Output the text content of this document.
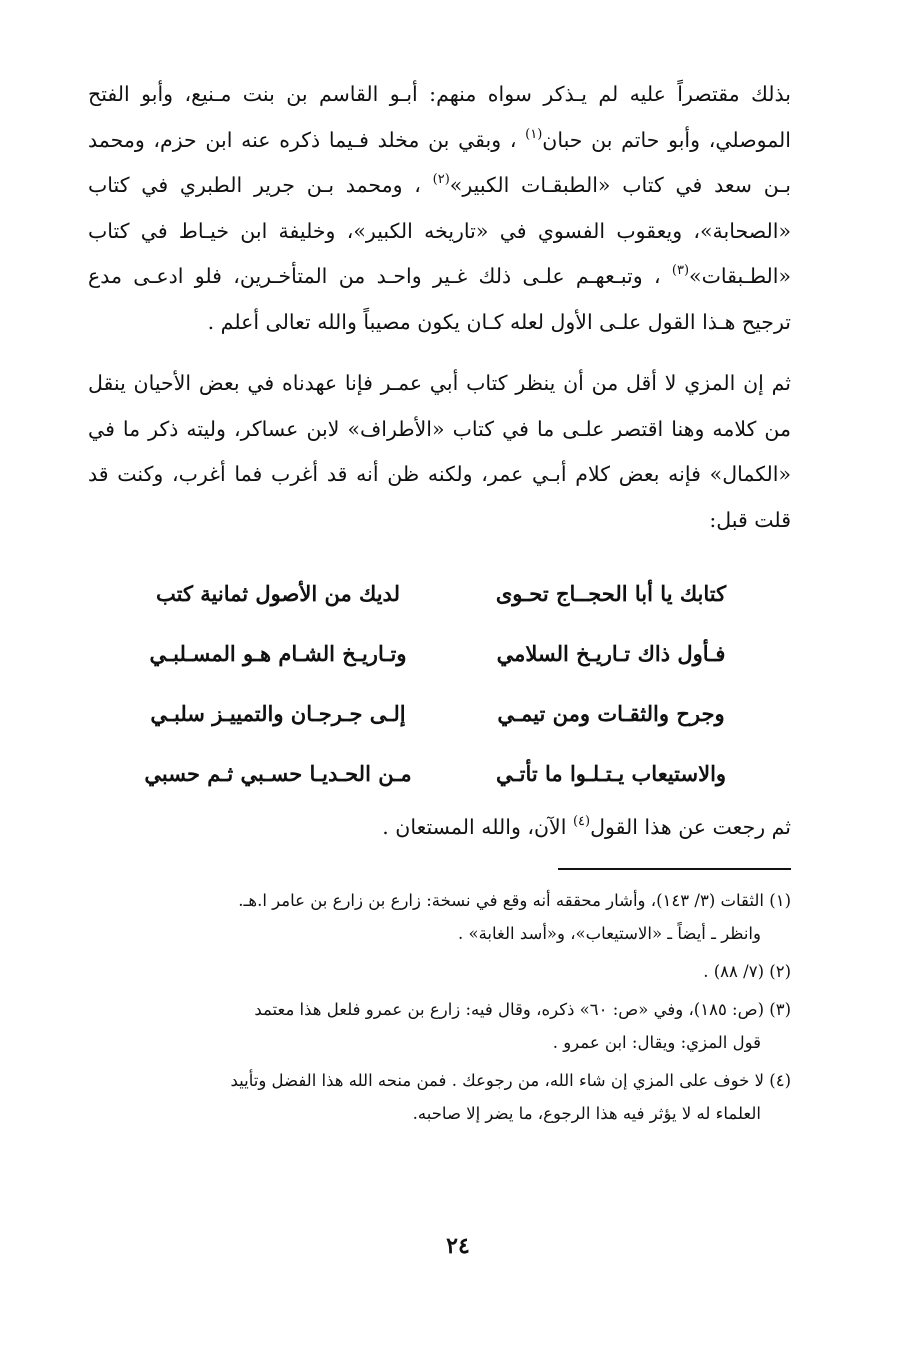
بذلك مقتصراً عليه لم يـذكر سواه منهم: أبـو القاسم بن بنت مـنيع، وأبو الفتح الموصلي، وأبو حاتم بن حبان$^{(١)}$ ، وبقي بن مخلد فـيما ذكره عنه ابن حزم، ومحمد بـن سعد في كتاب «الطبقـات الكبير»$^{(٢)}$ ، ومحمد بـن جرير الطبري في كتاب «الصحابة»، ويعقوب الفسوي في «تاريخه الكبير»، وخليفة ابن خيـاط في كتاب «الطـبقات»$^{(٣)}$ ، وتبـعهـم علـى ذلك غـير واحـد من المتأخـرين، فلو ادعـى مدع ترجيح هـذا القول علـى الأول لعله كـان يكون مصيباً والله تعالى أعلم .

ثم إن المزي لا أقل من أن ينظر كتاب أبي عمـر فإنا عهدناه في بعض الأحيان ينقل من كلامه وهنا اقتصر علـى ما في كتاب «الأطراف» لابن عساكر، وليته ذكر ما في «الكمال» فإنه بعض كلام أبـي عمر، ولكنه ظن أنه قد أغرب فما أغرب، وكنت قد قلت قبل:

كتابك يا أبا الحجــاج تحـوى
لديك من الأصول ثمانية كتب
فـأول ذاك تـاريـخ السلامي
وتـاريـخ الشـام هـو المسـلبـي
وجرح والثقـات ومن تيمـي
إلـى جـرجـان والتمييـز سلبـي
والاستيعاب يـتـلـوا ما تأتـي
مـن الحـديـا حسـبي ثـم حسبي

ثم رجعت عن هذا القول$^{(٤)}$ الآن، والله المستعان .

(١) الثقات (٣/ ١٤٣)، وأشار محققه أنه وقع في نسخة: زارع بن زارع بن عامر ا.هـ.
وانظر ـ أيضاً ـ «الاستيعاب»، و«أسد الغابة» .

(٢) (٧/ ٨٨) .

(٣) (ص: ١٨٥)، وفي «ص: ٦٠» ذكره، وقال فيه: زارع بن عمرو فلعل هذا معتمد
قول المزي: ويقال: ابن عمرو .

(٤) لا خوف على المزي إن شاء الله، من رجوعك . فمن منحه الله هذا الفضل وتأييد
العلماء له لا يؤثر فيه هذا الرجوع، ما يضر إلا صاحبه.

٢٤
